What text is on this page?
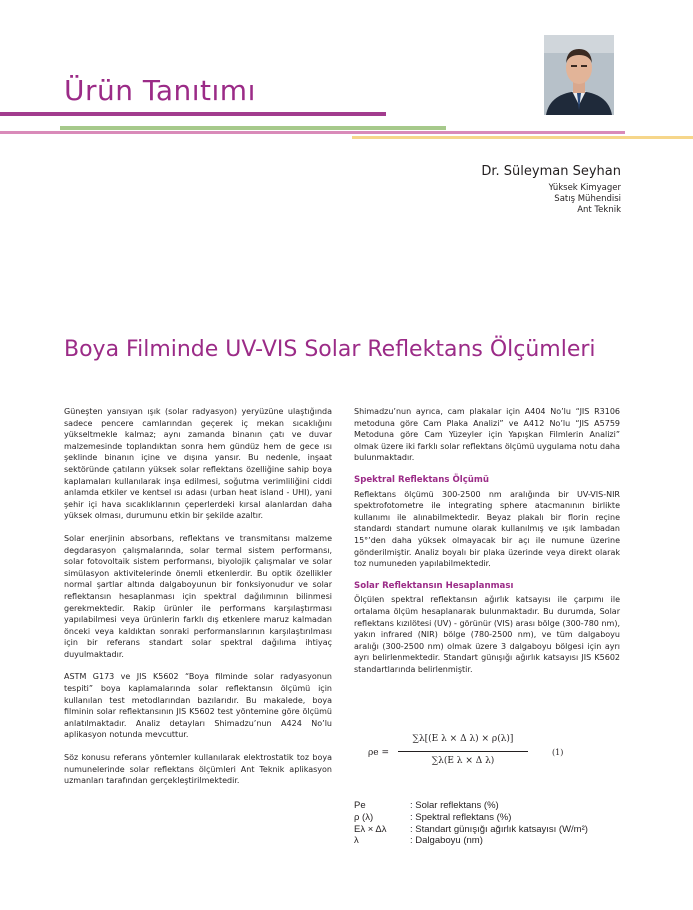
Ürün Tanıtımı
Dr. Süleyman Seyhan
Yüksek Kimyager
Satış Mühendisi
Ant Teknik
Boya Filminde UV-VIS Solar Reflektans Ölçümleri

Güneşten yansıyan ışık (solar radyasyon) yeryüzüne ulaştığında sadece pencere camlarından geçerek iç mekan sıcaklığını yükseltmekle kalmaz; aynı zamanda binanın çatı ve duvar malzemesinde toplandıktan sonra hem gündüz hem de gece ısı şeklinde binanın içine ve dışına yansır. Bu nedenle, inşaat sektöründe çatıların yüksek solar reflektans özelliğine sahip boya kaplamaları kullanılarak inşa edilmesi, soğutma verimliliğini ciddi anlamda etkiler ve kentsel ısı adası (urban heat island - UHI), yani şehir içi hava sıcaklıklarının çeperlerdeki kırsal alanlardan daha yüksek olması, durumunu etkin bir şekilde azaltır.

Solar enerjinin absorbans, reflektans ve transmitansı malzeme degdarasyon çalışmalarında, solar termal sistem performansı, solar fotovoltaik sistem performansı, biyolojik çalışmalar ve solar simülasyon aktivitelerinde önemli etkenlerdir. Bu optik özellikler normal şartlar altında dalgaboyunun bir fonksiyonudur ve solar reflektansın hesaplanması için spektral dağılımının bilinmesi gerekmektedir. Rakip ürünler ile performans karşılaştırması yapılabilmesi veya ürünlerin farklı dış etkenlere maruz kalmadan önceki veya kaldıktan sonraki performanslarının karşılaştırılması için bir referans standart solar spektral dağılıma ihtiyaç duyulmaktadır.

ASTM G173 ve JIS K5602 “Boya filminde solar radyasyonun tespiti” boya kaplamalarında solar reflektansın ölçümü için kullanılan test metodlarından bazılarıdır. Bu makalede, boya filminin solar reflektansının JIS K5602 test yöntemine göre ölçümü anlatılmaktadır. Analiz detayları Shimadzu’nun A424 No’lu aplikasyon notunda mevcuttur.

Söz konusu referans yöntemler kullanılarak elektrostatik toz boya numunelerinde solar reflektans ölçümleri Ant Teknik aplikasyon uzmanları tarafından gerçekleştirilmektedir.

Shimadzu’nun ayrıca, cam plakalar için A404 No’lu “JIS R3106 metoduna göre Cam Plaka Analizi” ve A412 No’lu “JIS A5759 Metoduna göre Cam Yüzeyler için Yapışkan Filmlerin Analizi” olmak üzere iki farklı solar reflektans ölçümü uygulama notu daha bulunmaktadır.

Spektral Reflektans Ölçümü

Reflektans ölçümü 300-2500 nm aralığında bir UV-VIS-NIR spektrofotometre ile integrating sphere atacmanının birlikte kullanımı ile alınabilmektedir. Beyaz plakalı bir florin reçine standardı standart numune olarak kullanılmış ve ışık lambadan 15°’den daha yüksek olmayacak bir açı ile numune üzerine gönderilmiştir. Analiz boyalı bir plaka üzerinde veya direkt olarak toz numuneden yapılabilmektedir.

Solar Reflektansın Hesaplanması

Ölçülen spektral reflektansın ağırlık katsayısı ile çarpımı ile ortalama ölçüm hesaplanarak bulunmaktadır. Bu durumda, Solar reflektans kızılötesi (UV) - görünür (VIS) arası bölge (300-780 nm), yakın infrared (NIR) bölge (780-2500 nm), ve tüm dalgaboyu aralığı (300-2500 nm) olmak üzere 3 dalgaboyu bölgesi için ayrı ayrı belirlenmektedir. Standart günışığı ağırlık katsayısı JIS K5602 standartlarında belirlenmiştir.

ρe =
∑λ[(E λ × Δ λ) × ρ(λ)]
∑λ(E λ × Δ λ)
(1)
Pe	: Solar reflektans (%)
ρ (λ)	: Spektral reflektans (%)
Eλ × Δλ	: Standart günışığı ağırlık katsayısı (W/m²)
λ	: Dalgaboyu (nm)
